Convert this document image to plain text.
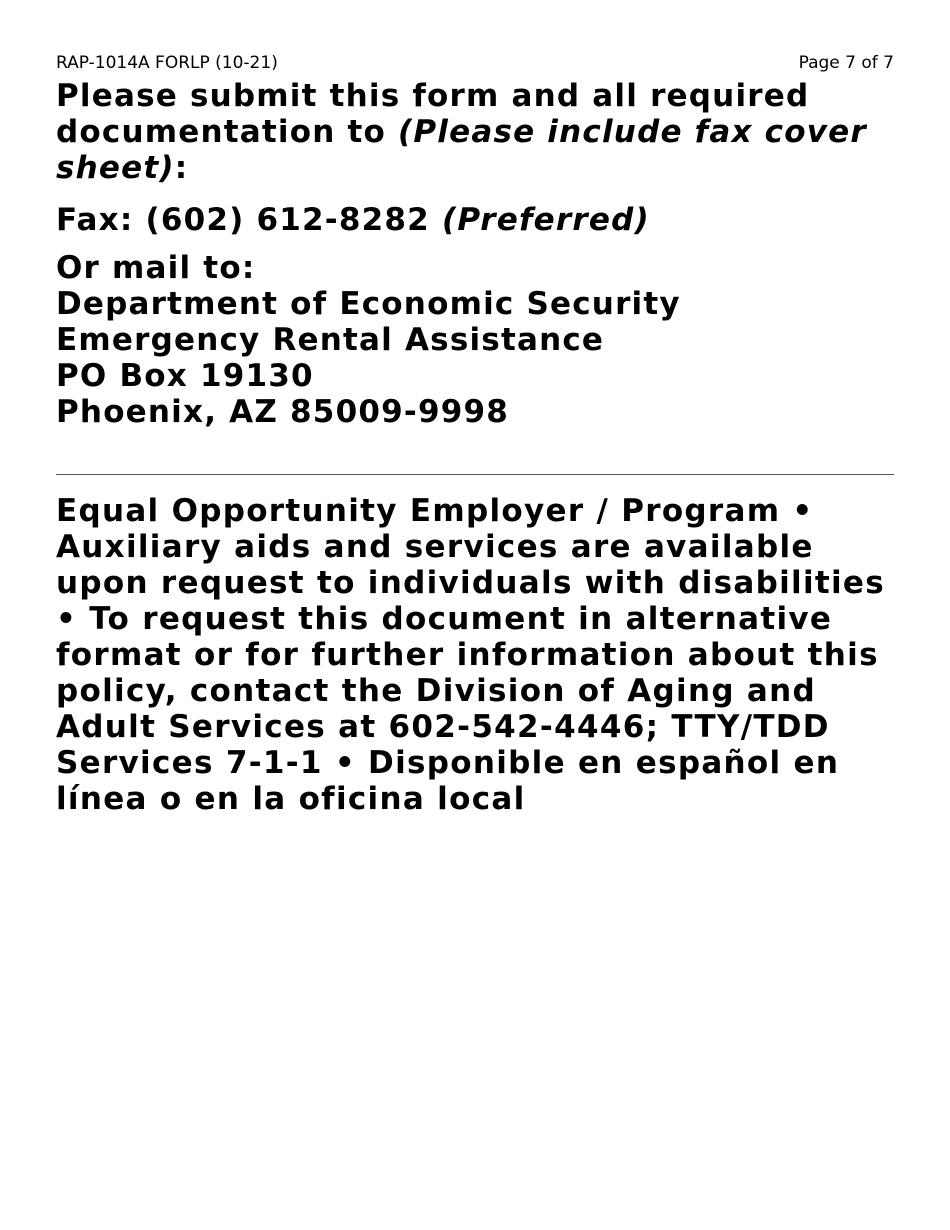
RAP-1014A FORLP (10-21)	Page 7 of 7

Please submit this form and all required documentation to (Please include fax cover sheet):

Fax: (602) 612-8282 (Preferred)

Or mail to:
Department of Economic Security
Emergency Rental Assistance
PO Box 19130
Phoenix, AZ 85009-9998

Equal Opportunity Employer / Program • Auxiliary aids and services are available upon request to individuals with disabilities • To request this document in alternative format or for further information about this policy, contact the Division of Aging and Adult Services at 602-542-4446; TTY/TDD Services 7-1-1 • Disponible en español en línea o en la oficina local
